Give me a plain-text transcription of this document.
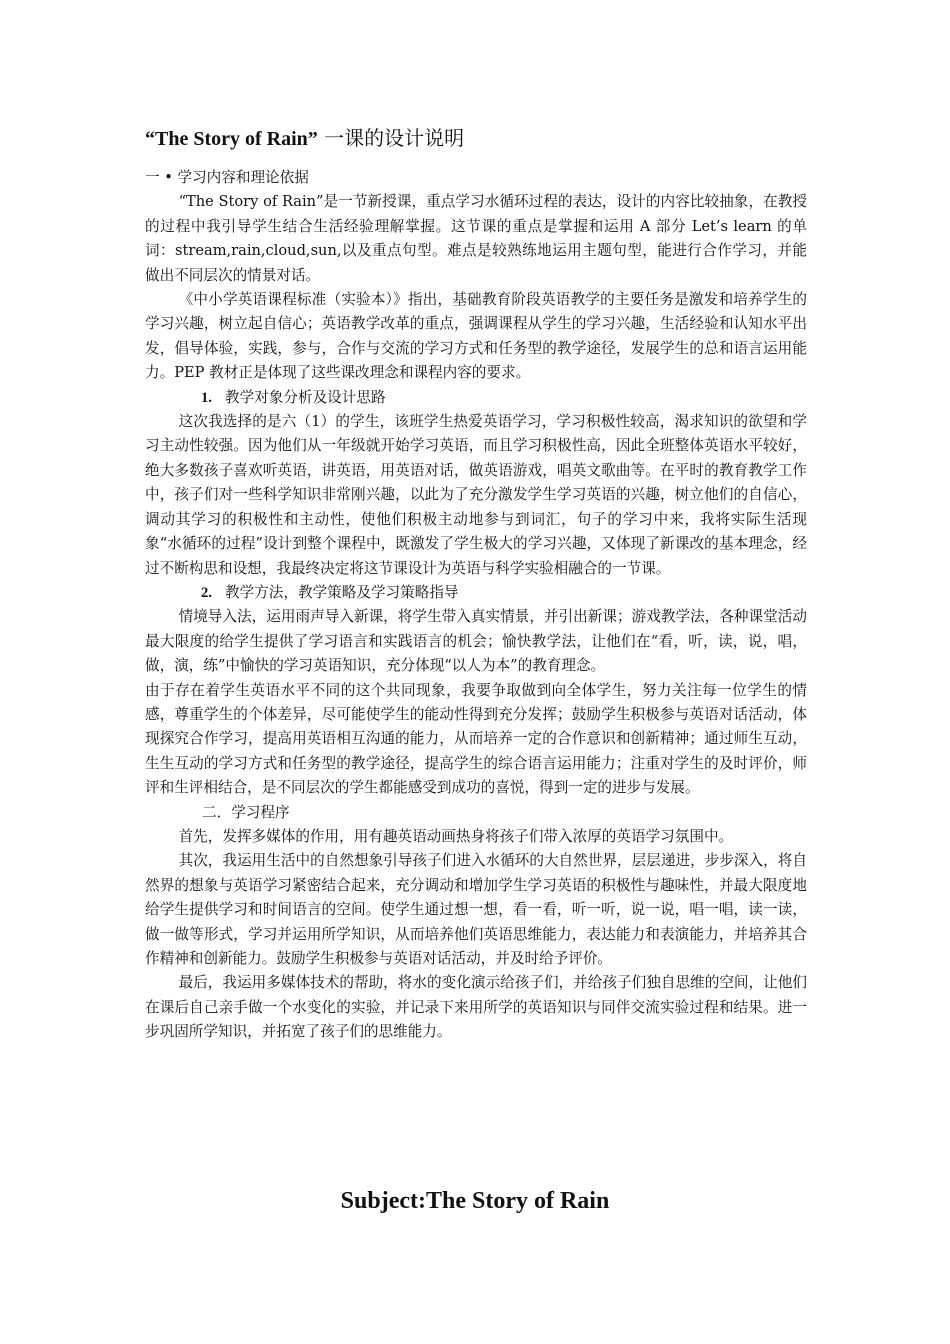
“The Story of Rain” 一课的设计说明

一 • 学习内容和理论依据

“The Story of Rain”是一节新授课，重点学习水循环过程的表达，设计的内容比较抽象，在教授的过程中我引导学生结合生活经验理解掌握。这节课的重点是掌握和运用 A 部分 Let’s learn 的单词：stream,rain,cloud,sun,以及重点句型。难点是较熟练地运用主题句型，能进行合作学习，并能做出不同层次的情景对话。

《中小学英语课程标准（实验本）》指出，基础教育阶段英语教学的主要任务是激发和培养学生的学习兴趣，树立起自信心；英语教学改革的重点，强调课程从学生的学习兴趣，生活经验和认知水平出发，倡导体验，实践，参与，合作与交流的学习方式和任务型的教学途径，发展学生的总和语言运用能力。PEP 教材正是体现了这些课改理念和课程内容的要求。

1. 教学对象分析及设计思路

这次我选择的是六（1）的学生，该班学生热爱英语学习，学习积极性较高，渴求知识的欲望和学习主动性较强。因为他们从一年级就开始学习英语，而且学习积极性高，因此全班整体英语水平较好，绝大多数孩子喜欢听英语，讲英语，用英语对话，做英语游戏，唱英文歌曲等。在平时的教育教学工作中，孩子们对一些科学知识非常刚兴趣，以此为了充分激发学生学习英语的兴趣，树立他们的自信心，调动其学习的积极性和主动性，使他们积极主动地参与到词汇，句子的学习中来，我将实际生活现象“水循环的过程”设计到整个课程中，既激发了学生极大的学习兴趣，又体现了新课改的基本理念，经过不断构思和设想，我最终决定将这节课设计为英语与科学实验相融合的一节课。

2. 教学方法，教学策略及学习策略指导

情境导入法，运用雨声导入新课，将学生带入真实情景，并引出新课；游戏教学法，各种课堂活动最大限度的给学生提供了学习语言和实践语言的机会；愉快教学法，让他们在“看，听，读，说，唱，做，演，练”中愉快的学习英语知识，充分体现“以人为本”的教育理念。

由于存在着学生英语水平不同的这个共同现象，我要争取做到向全体学生，努力关注每一位学生的情感，尊重学生的个体差异，尽可能使学生的能动性得到充分发挥；鼓励学生积极参与英语对话活动，体现探究合作学习，提高用英语相互沟通的能力，从而培养一定的合作意识和创新精神；通过师生互动，生生互动的学习方式和任务型的教学途径，提高学生的综合语言运用能力；注重对学生的及时评价，师评和生评相结合，是不同层次的学生都能感受到成功的喜悦，得到一定的进步与发展。

二．学习程序

首先，发挥多媒体的作用，用有趣英语动画热身将孩子们带入浓厚的英语学习氛围中。

其次，我运用生活中的自然想象引导孩子们进入水循环的大自然世界，层层递进，步步深入，将自然界的想象与英语学习紧密结合起来，充分调动和增加学生学习英语的积极性与趣味性，并最大限度地给学生提供学习和时间语言的空间。使学生通过想一想，看一看，听一听，说一说，唱一唱，读一读，做一做等形式，学习并运用所学知识，从而培养他们英语思维能力，表达能力和表演能力，并培养其合作精神和创新能力。鼓励学生积极参与英语对话活动，并及时给予评价。

最后，我运用多媒体技术的帮助，将水的变化演示给孩子们，并给孩子们独自思维的空间，让他们在课后自己亲手做一个水变化的实验，并记录下来用所学的英语知识与同伴交流实验过程和结果。进一步巩固所学知识，并拓宽了孩子们的思维能力。

Subject:The Story of Rain
